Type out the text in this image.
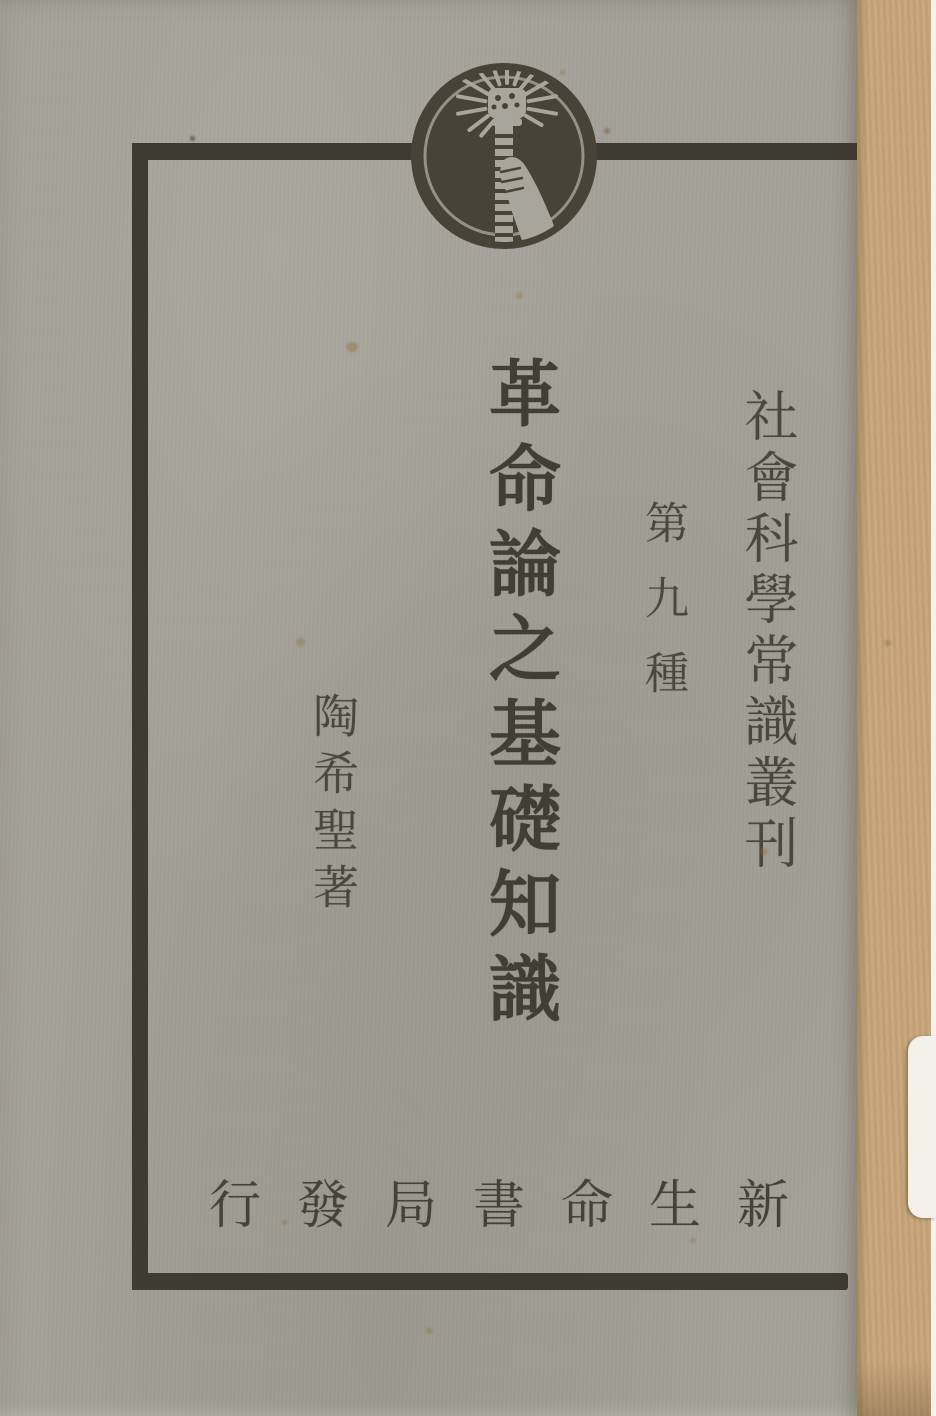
社會科學常識叢刊
第九種
革命論之基礎知識
陶希聖著
行發局書命生新
